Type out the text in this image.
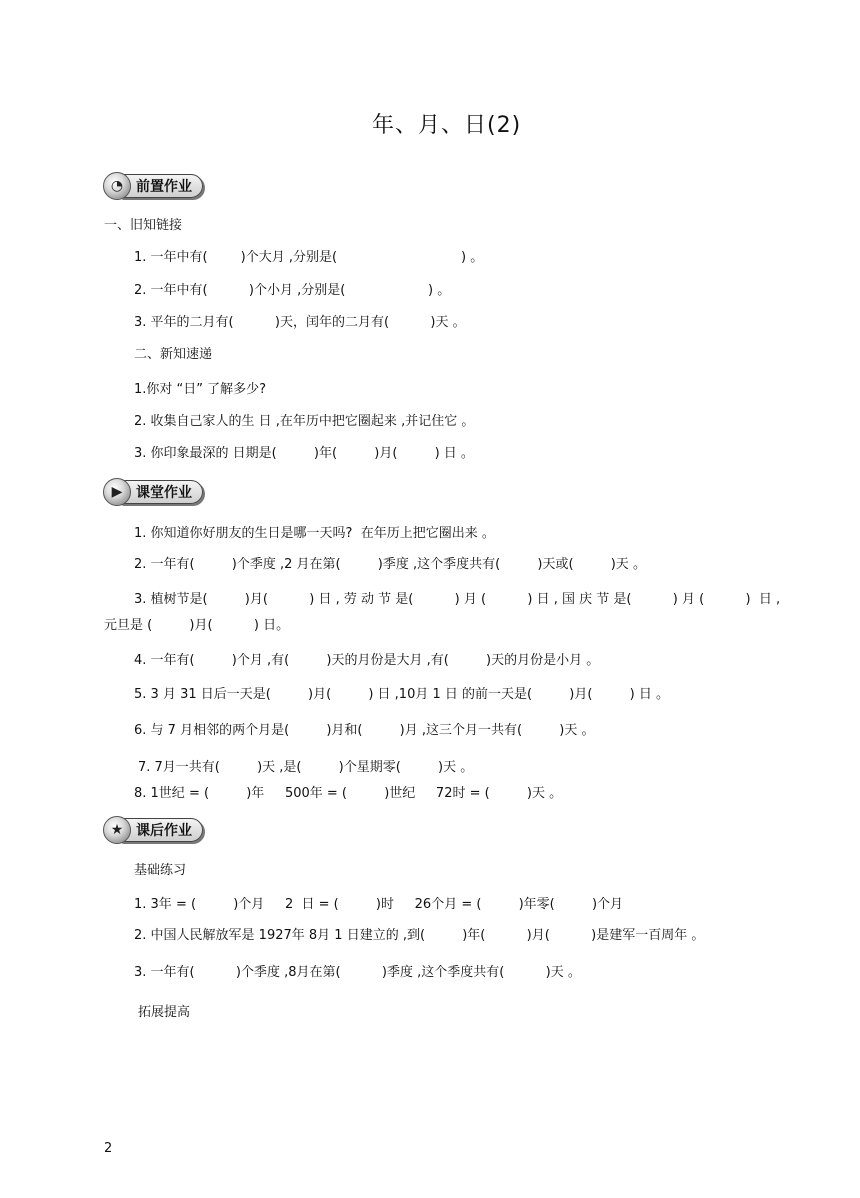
年、月、日(2)
◔ 前置作业
一、旧知链接
1. 一年中有(        )个大月 ,分别是(                              ) 。
2. 一年中有(          )个小月 ,分别是(                    ) 。
3. 平年的二月有(          )天，闰年的二月有(          )天 。
二、新知速递
1.你对 “日” 了解多少?
2. 收集自己家人的生 日 ,在年历中把它圈起来 ,并记住它 。
3. 你印象最深的 日期是(         )年(         )月(         ) 日 。
▶ 课堂作业
1. 你知道你好朋友的生日是哪一天吗?  在年历上把它圈出来 。
2. 一年有(         )个季度 ,2 月在第(         )季度 ,这个季度共有(         )天或(         )天 。
3. 植树节是(         )月(          ) 日 , 劳 动 节 是(          ) 月 (          ) 日 , 国 庆 节 是(          ) 月 (          )  日 ,
元旦是 (         )月(          ) 日。
4. 一年有(         )个月 ,有(         )天的月份是大月 ,有(         )天的月份是小月 。
5. 3 月 31 日后一天是(         )月(         ) 日 ,10月 1 日 的前一天是(         )月(         ) 日 。
6. 与 7 月相邻的两个月是(         )月和(         )月 ,这三个月一共有(         )天 。
7. 7月一共有(         )天 ,是(         )个星期零(         )天 。
8. 1世纪 = (         )年     500年 = (         )世纪     72时 = (         )天 。
★ 课后作业
基础练习
1. 3年 = (         )个月     2  日 = (         )时     26个月 = (         )年零(         )个月
2. 中国人民解放军是 1927年 8月 1 日建立的 ,到(         )年(          )月(          )是建军一百周年 。
3. 一年有(          )个季度 ,8月在第(          )季度 ,这个季度共有(          )天 。
拓展提高
2
